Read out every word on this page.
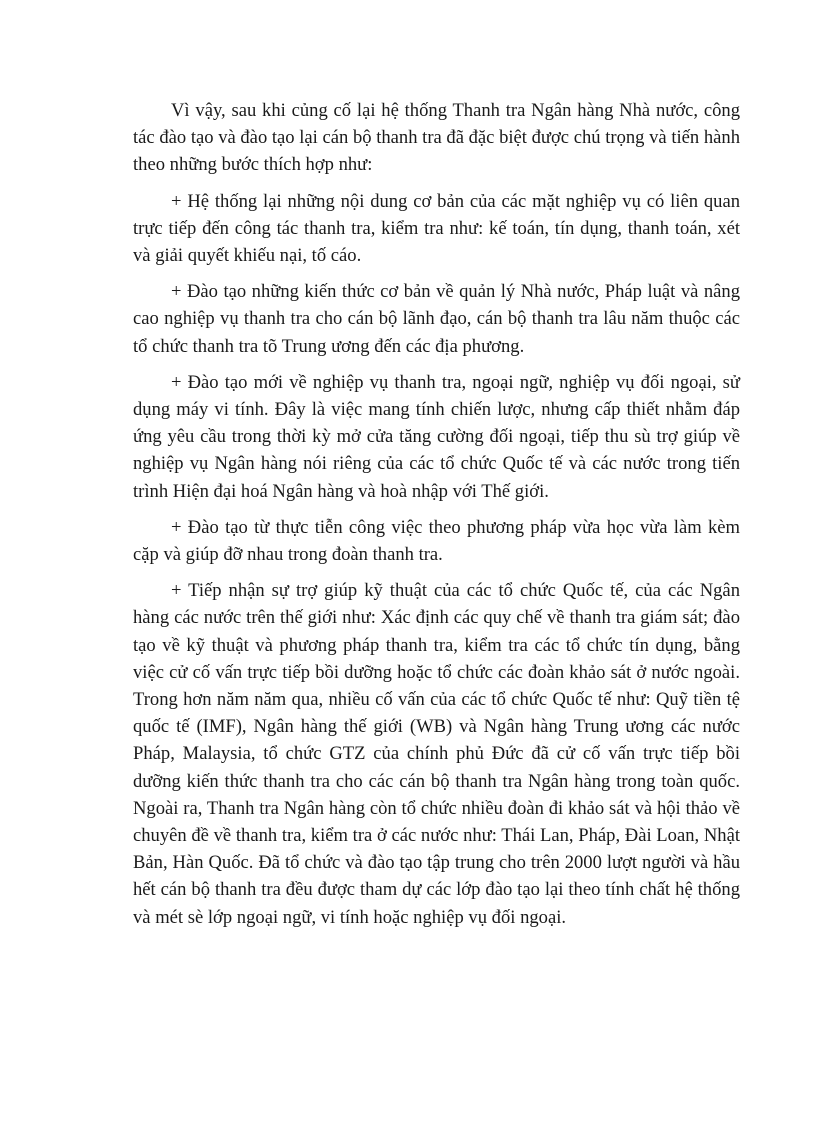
Vì vậy, sau khi củng cố lại hệ thống Thanh tra Ngân hàng Nhà nước, công tác đào tạo và đào tạo lại cán bộ thanh tra đã đặc biệt được chú trọng và tiến hành theo những bước thích hợp như:

+ Hệ thống lại những nội dung cơ bản của các mặt nghiệp vụ có liên quan trực tiếp đến công tác thanh tra, kiểm tra như: kế toán, tín dụng, thanh toán, xét và giải quyết khiếu nại, tố cáo.

+ Đào tạo những kiến thức cơ bản về quản lý Nhà nước, Pháp luật và nâng cao nghiệp vụ thanh tra cho cán bộ lãnh đạo, cán bộ thanh tra lâu năm thuộc các tổ chức thanh tra tõ Trung ương đến các địa phương.

+ Đào tạo mới về nghiệp vụ thanh tra, ngoại ngữ, nghiệp vụ đối ngoại, sử dụng máy vi tính. Đây là việc mang tính chiến lược, nhưng cấp thiết nhằm đáp ứng yêu cầu trong thời kỳ mở cửa tăng cường đối ngoại, tiếp thu sù trợ giúp về nghiệp vụ Ngân hàng nói riêng của các tổ chức Quốc tế và các nước trong tiến trình Hiện đại hoá Ngân hàng và hoà nhập với Thế giới.

+ Đào tạo từ thực tiễn công việc theo phương pháp vừa học vừa làm kèm cặp và giúp đỡ nhau trong đoàn thanh tra.

+ Tiếp nhận sự trợ giúp kỹ thuật của các tổ chức Quốc tế, của các Ngân hàng các nước trên thế giới như: Xác định các quy chế về thanh tra giám sát; đào tạo về kỹ thuật và phương pháp thanh tra, kiểm tra các tổ chức tín dụng, bằng việc cử cố vấn trực tiếp bồi dưỡng hoặc tổ chức các đoàn khảo sát ở nước ngoài. Trong hơn năm năm qua, nhiều cố vấn của các tổ chức Quốc tế như: Quỹ tiền tệ quốc tế (IMF), Ngân hàng thế giới (WB) và Ngân hàng Trung ương các nước Pháp, Malaysia, tổ chức GTZ của chính phủ Đức đã cử cố vấn trực tiếp bồi dưỡng kiến thức thanh tra cho các cán bộ thanh tra Ngân hàng trong toàn quốc. Ngoài ra, Thanh tra Ngân hàng còn tổ chức nhiều đoàn đi khảo sát và hội thảo về chuyên đề về thanh tra, kiểm tra ở các nước như: Thái Lan, Pháp, Đài Loan, Nhật Bản, Hàn Quốc. Đã tổ chức và đào tạo tập trung cho trên 2000 lượt người và hầu hết cán bộ thanh tra đều được tham dự các lớp đào tạo lại theo tính chất hệ thống và mét sè lớp ngoại ngữ, vi tính hoặc nghiệp vụ đối ngoại.
